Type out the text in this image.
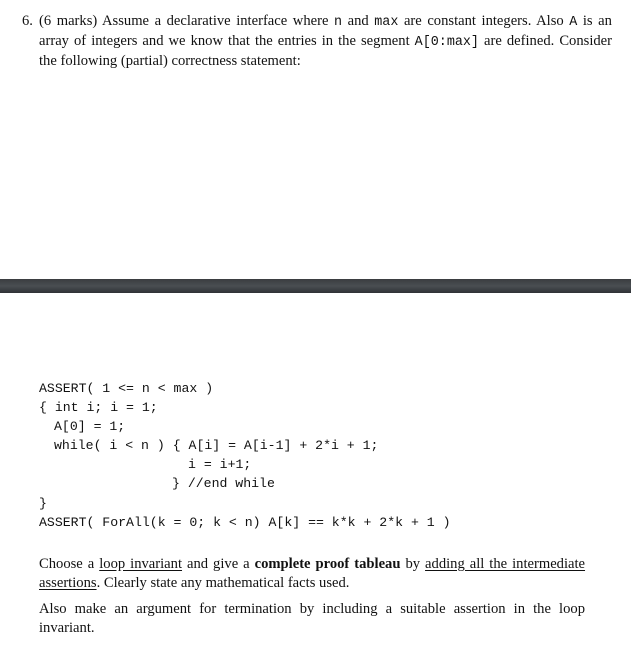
6. (6 marks) Assume a declarative interface where n and max are constant integers. Also A is an array of integers and we know that the entries in the segment A[0:max] are defined. Consider the following (partial) correctness statement:
ASSERT( 1 <= n < max )
{ int i; i = 1;
A[0] = 1;
while( i < n ) { A[i] = A[i-1] + 2*i + 1;
i = i+1;
} //end while
}
ASSERT( ForAll(k = 0; k < n) A[k] == k*k + 2*k + 1 )
Choose a loop invariant and give a complete proof tableau by adding all the intermediate assertions. Clearly state any mathematical facts used.
Also make an argument for termination by including a suitable assertion in the loop invariant.
